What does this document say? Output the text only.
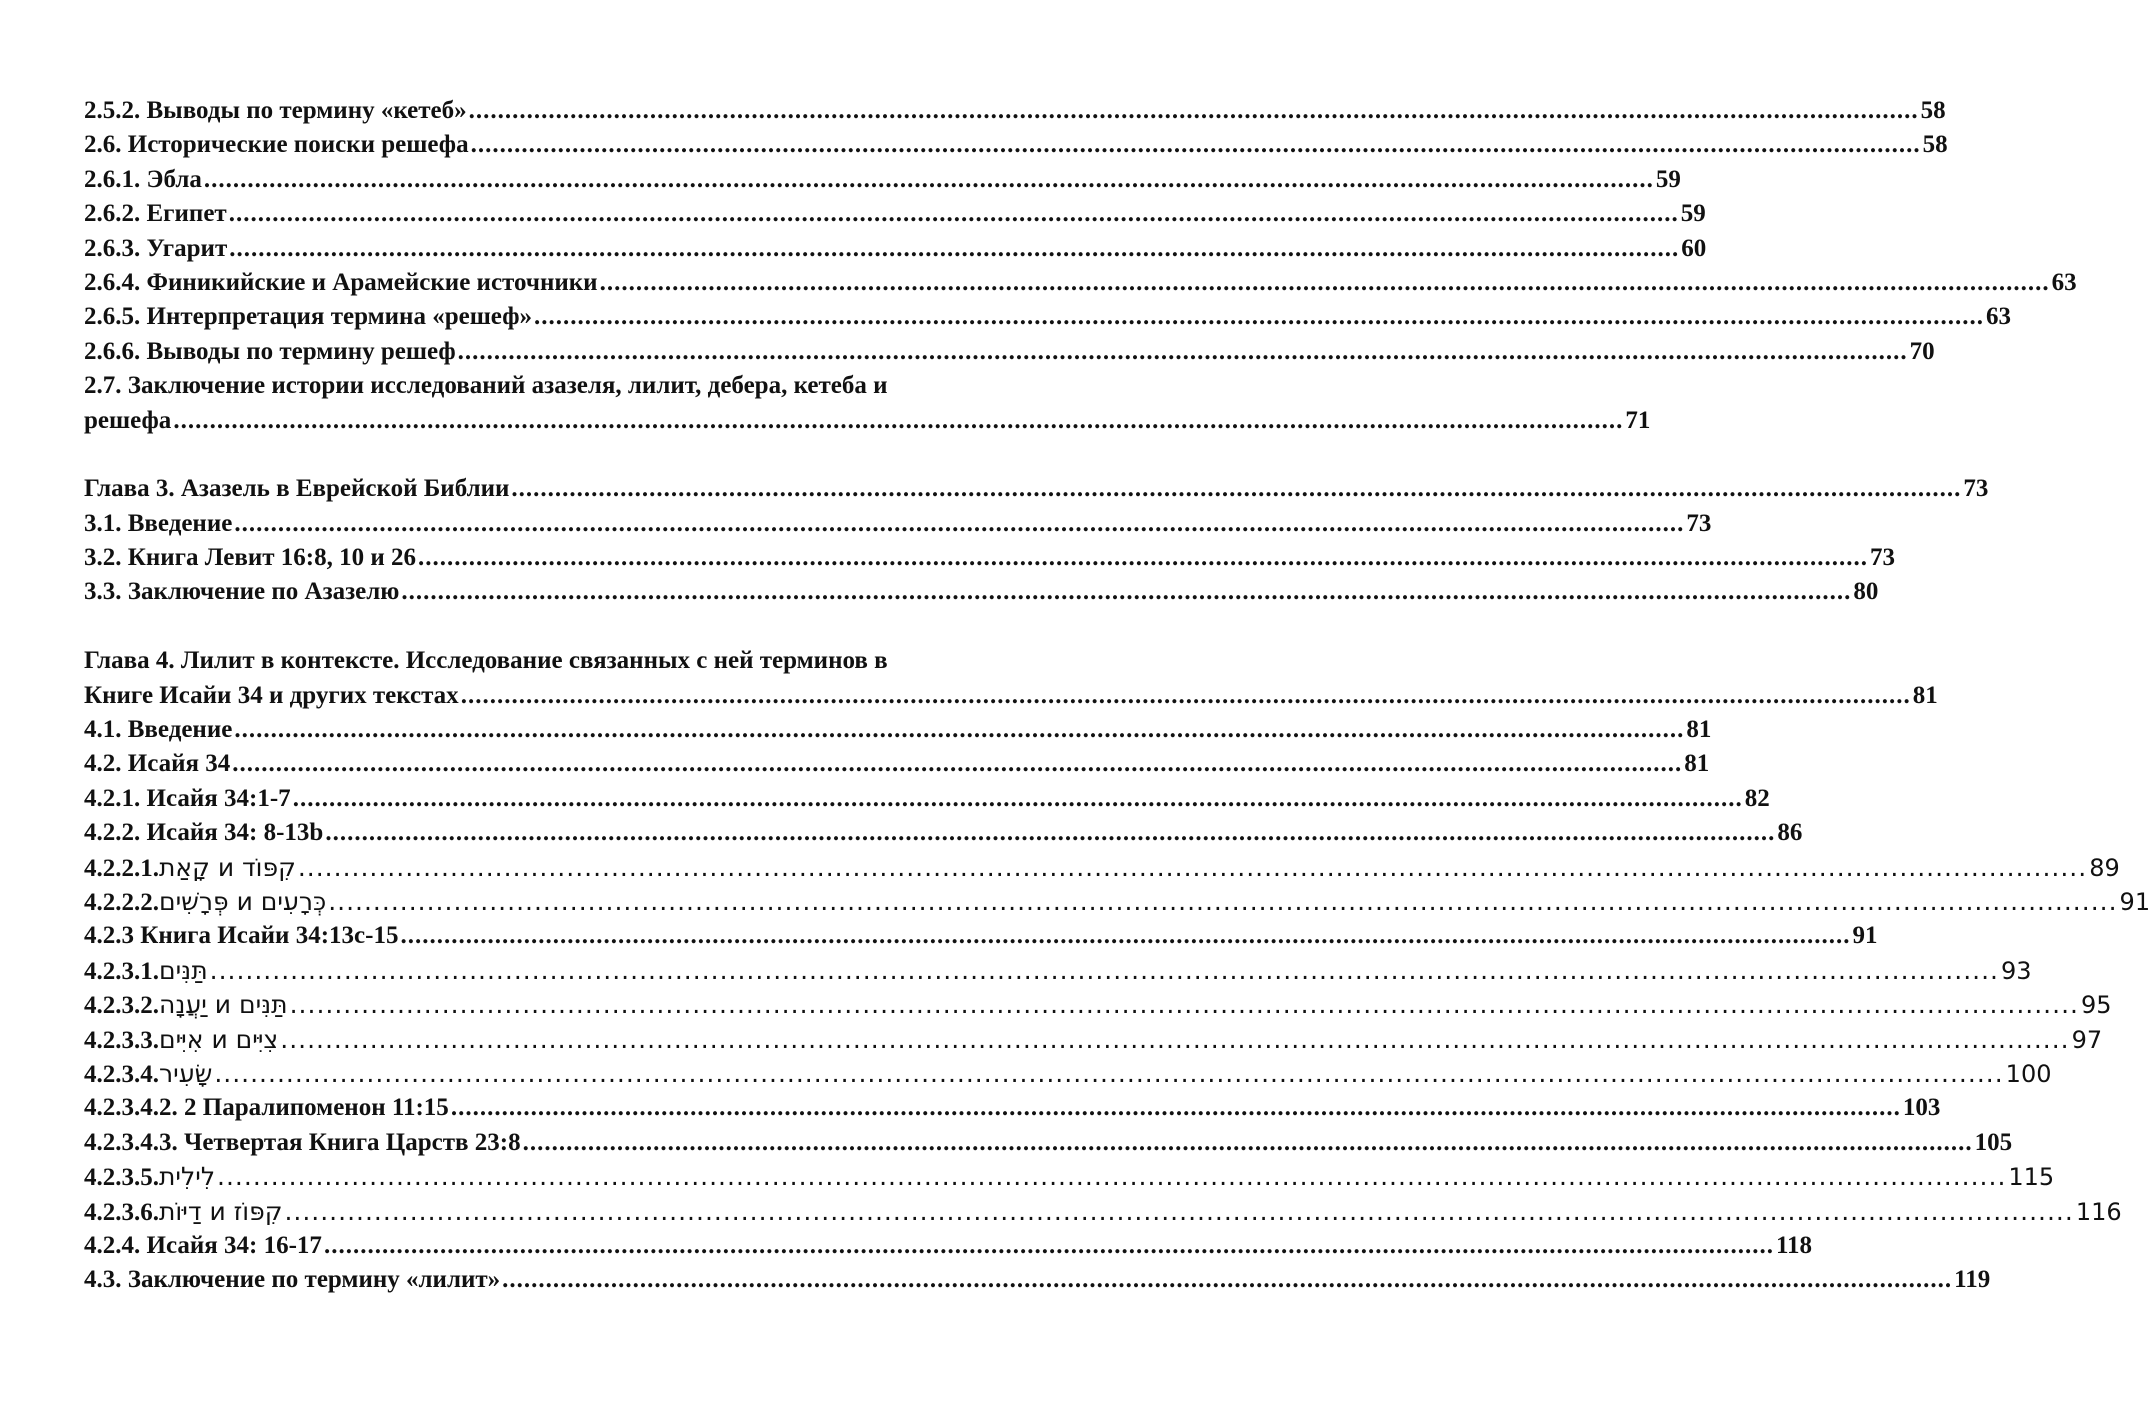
2.5.2. Выводы по термину «кетеб» ........................................................................................................................................................................................................ 58
2.6. Исторические поиски решефа ........................................................................................................................................................................................................ 58
2.6.1. Эбла ........................................................................................................................................................................................................ 59
2.6.2. Египет ........................................................................................................................................................................................................ 59
2.6.3. Угарит ........................................................................................................................................................................................................ 60
2.6.4. Финикийские и Арамейские источники ........................................................................................................................................................................................................ 63
2.6.5. Интерпретация термина «решеф» ........................................................................................................................................................................................................ 63
2.6.6. Выводы по термину решеф ........................................................................................................................................................................................................ 70
2.7. Заключение истории исследований азазеля, лилит, дебера, кетеба и
решефа ........................................................................................................................................................................................................ 71
Глава 3. Азазель в Еврейской Библии ........................................................................................................................................................................................................ 73
3.1. Введение ........................................................................................................................................................................................................ 73
3.2. Книга Левит 16:8, 10 и 26 ........................................................................................................................................................................................................ 73
3.3. Заключение по Азазелю ........................................................................................................................................................................................................ 80
Глава 4. Лилит в контексте. Исследование связанных с ней терминов в
Книге Исайи 34 и других текстах ........................................................................................................................................................................................................ 81
4.1. Введение ........................................................................................................................................................................................................ 81
4.2. Исайя 34 ........................................................................................................................................................................................................ 81
4.2.1. Исайя 34:1-7 ........................................................................................................................................................................................................ 82
4.2.2. Исайя 34: 8-13b ........................................................................................................................................................................................................ 86
4.2.2.1. קִפּוֹד и קָאַת ........................................................................................................................................................................................................ 89
4.2.2.2. כְּרָעִים и פְּרָשִׁים ........................................................................................................................................................................................................ 91
4.2.3 Книга Исайи 34:13c-15 ........................................................................................................................................................................................................ 91
4.2.3.1. תַּנִּים ........................................................................................................................................................................................................ 93
4.2.3.2. תַּנִּים и יַעֲנָה ........................................................................................................................................................................................................ 95
4.2.3.3. צִיִּים и אִיִּים ........................................................................................................................................................................................................ 97
4.2.3.4. שָׂעִיר ........................................................................................................................................................................................................ 100
4.2.3.4.2. 2 Паралипоменон 11:15 ........................................................................................................................................................................................................ 103
4.2.3.4.3. Четвертая Книга Царств 23:8 ........................................................................................................................................................................................................ 105
4.2.3.5. לִילִית ........................................................................................................................................................................................................ 115
4.2.3.6. קִפּוֹז и דַיּוֹת ........................................................................................................................................................................................................ 116
4.2.4. Исайя 34: 16-17 ........................................................................................................................................................................................................ 118
4.3. Заключение по термину «лилит» ........................................................................................................................................................................................................ 119
